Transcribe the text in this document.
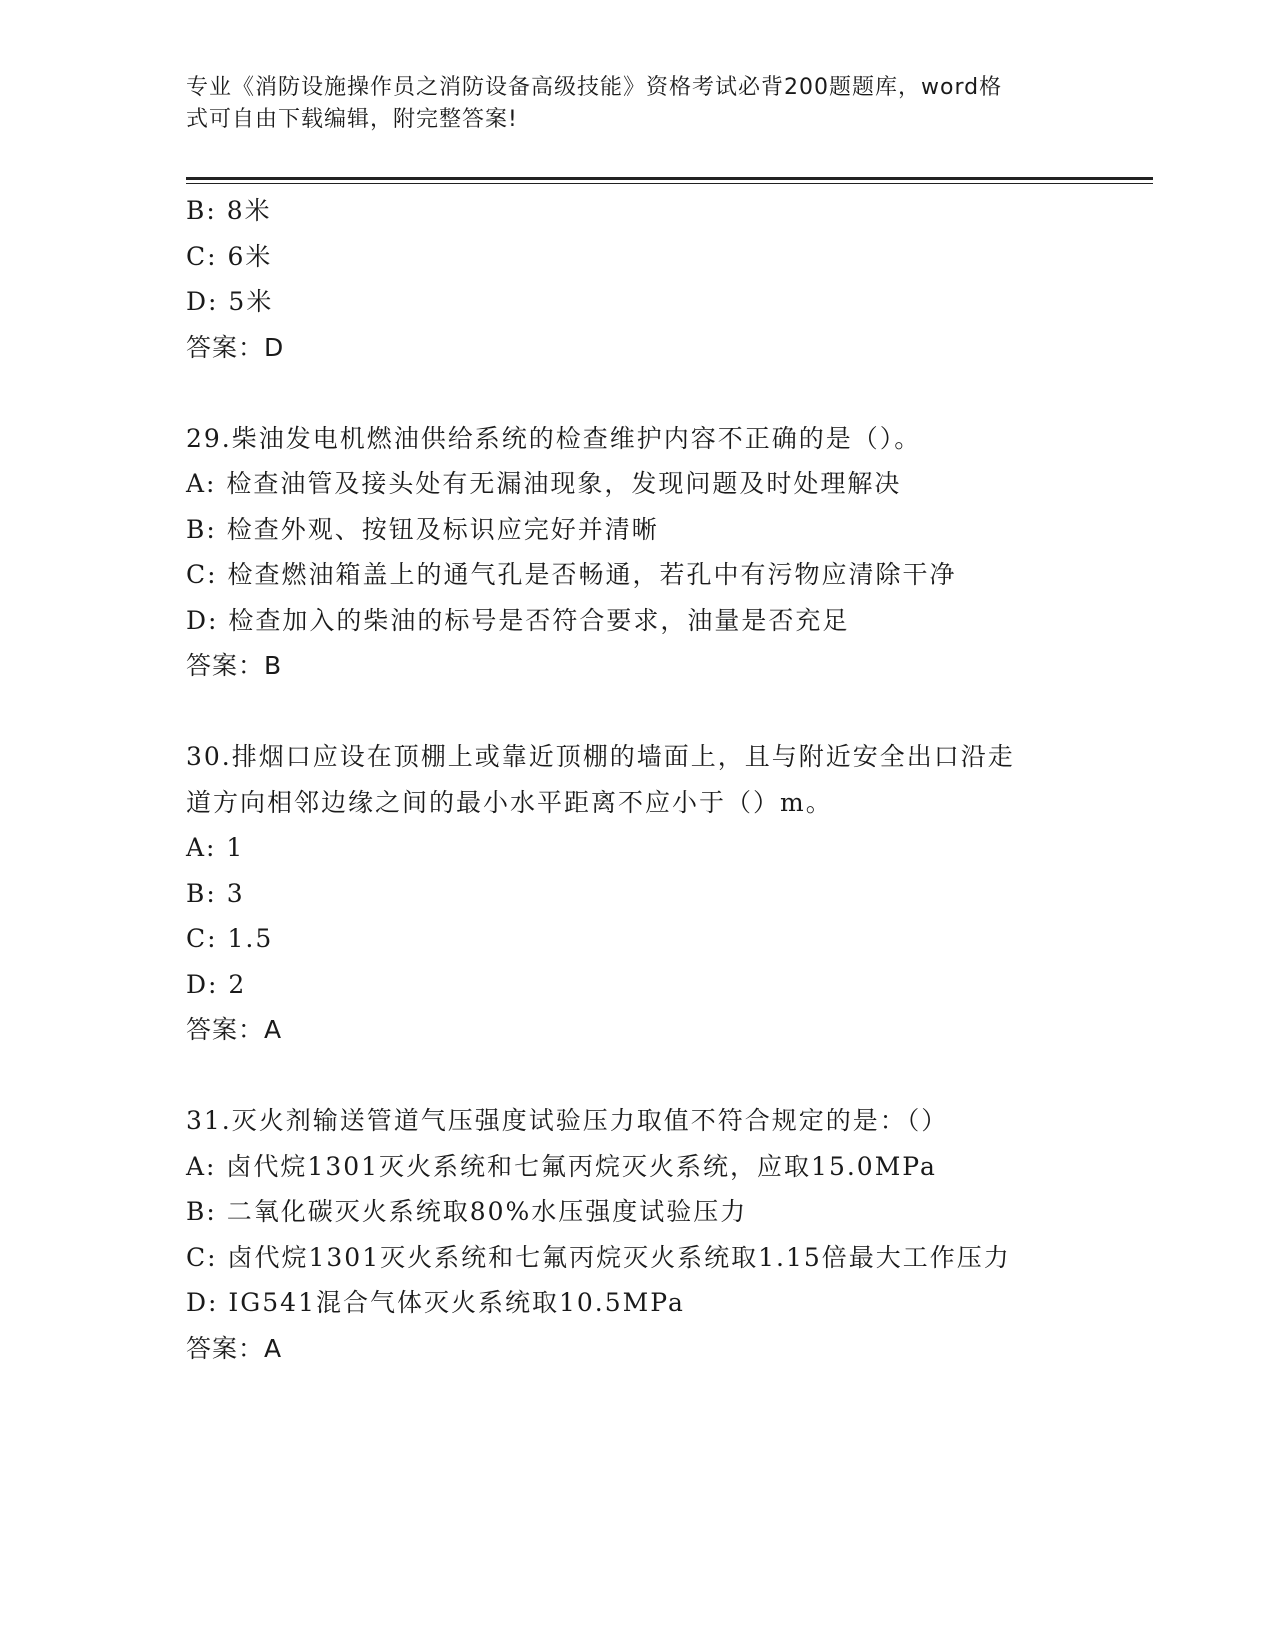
专业《消防设施操作员之消防设备高级技能》资格考试必背200题题库，word格
式可自由下载编辑，附完整答案!
B: 8米
C: 6米
D: 5米
答案：D
29.柴油发电机燃油供给系统的检查维护内容不正确的是（）。
A: 检查油管及接头处有无漏油现象，发现问题及时处理解决
B: 检查外观、按钮及标识应完好并清晰
C: 检查燃油箱盖上的通气孔是否畅通，若孔中有污物应清除干净
D: 检查加入的柴油的标号是否符合要求，油量是否充足
答案：B
30.排烟口应设在顶棚上或靠近顶棚的墙面上，且与附近安全出口沿走
道方向相邻边缘之间的最小水平距离不应小于（）m。
A: 1
B: 3
C: 1.5
D: 2
答案：A
31.灭火剂输送管道气压强度试验压力取值不符合规定的是：（）
A: 卤代烷1301灭火系统和七氟丙烷灭火系统，应取15.0MPa
B: 二氧化碳灭火系统取80%水压强度试验压力
C: 卤代烷1301灭火系统和七氟丙烷灭火系统取1.15倍最大工作压力
D: IG541混合气体灭火系统取10.5MPa
答案：A
